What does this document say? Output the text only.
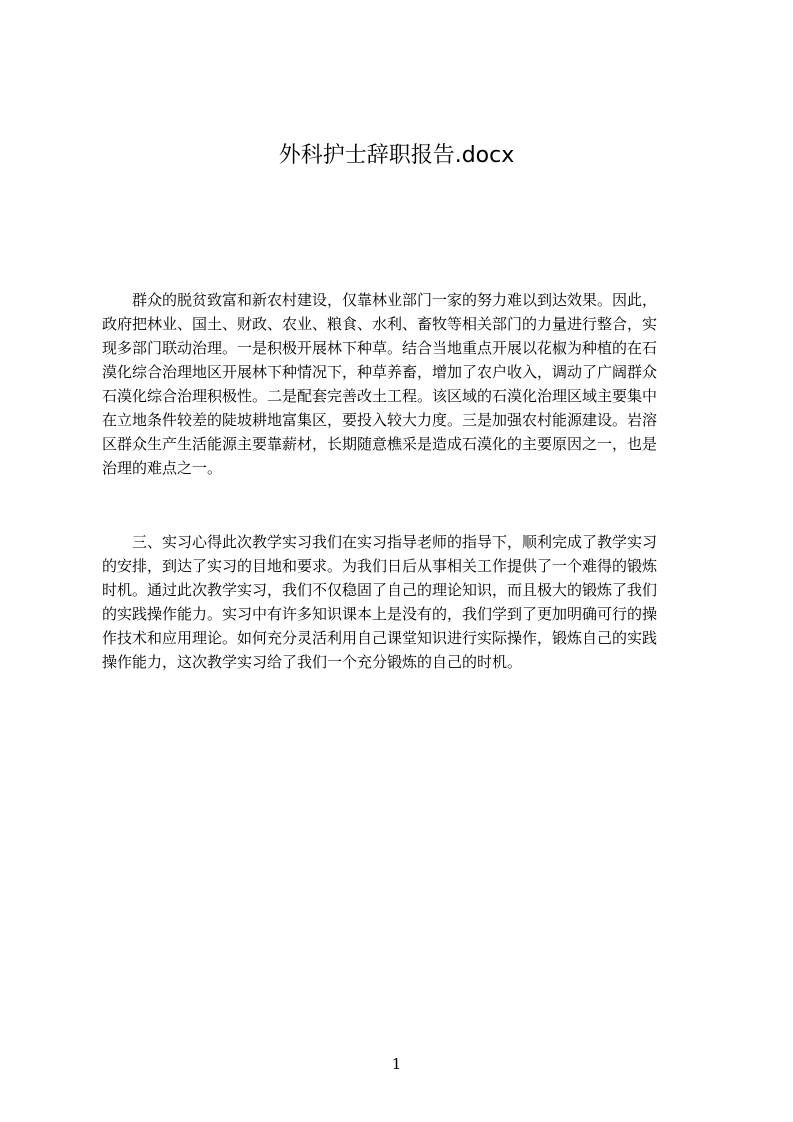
外科护士辞职报告.docx
　　群众的脱贫致富和新农村建设，仅靠林业部门一家的努力难以到达效果。因此，
政府把林业、国土、财政、农业、粮食、水利、畜牧等相关部门的力量进行整合，实
现多部门联动治理。一是积极开展林下种草。结合当地重点开展以花椒为种植的在石
漠化综合治理地区开展林下种情况下，种草养畜，增加了农户收入，调动了广阔群众
石漠化综合治理积极性。二是配套完善改土工程。该区域的石漠化治理区域主要集中
在立地条件较差的陡坡耕地富集区，要投入较大力度。三是加强农村能源建设。岩溶
区群众生产生活能源主要靠薪材，长期随意樵采是造成石漠化的主要原因之一，也是
治理的难点之一。
　　三、实习心得此次教学实习我们在实习指导老师的指导下，顺利完成了教学实习
的安排，到达了实习的目地和要求。为我们日后从事相关工作提供了一个难得的锻炼
时机。通过此次教学实习，我们不仅稳固了自己的理论知识，而且极大的锻炼了我们
的实践操作能力。实习中有许多知识课本上是没有的，我们学到了更加明确可行的操
作技术和应用理论。如何充分灵活利用自己课堂知识进行实际操作，锻炼自己的实践
操作能力，这次教学实习给了我们一个充分锻炼的自己的时机。
1
